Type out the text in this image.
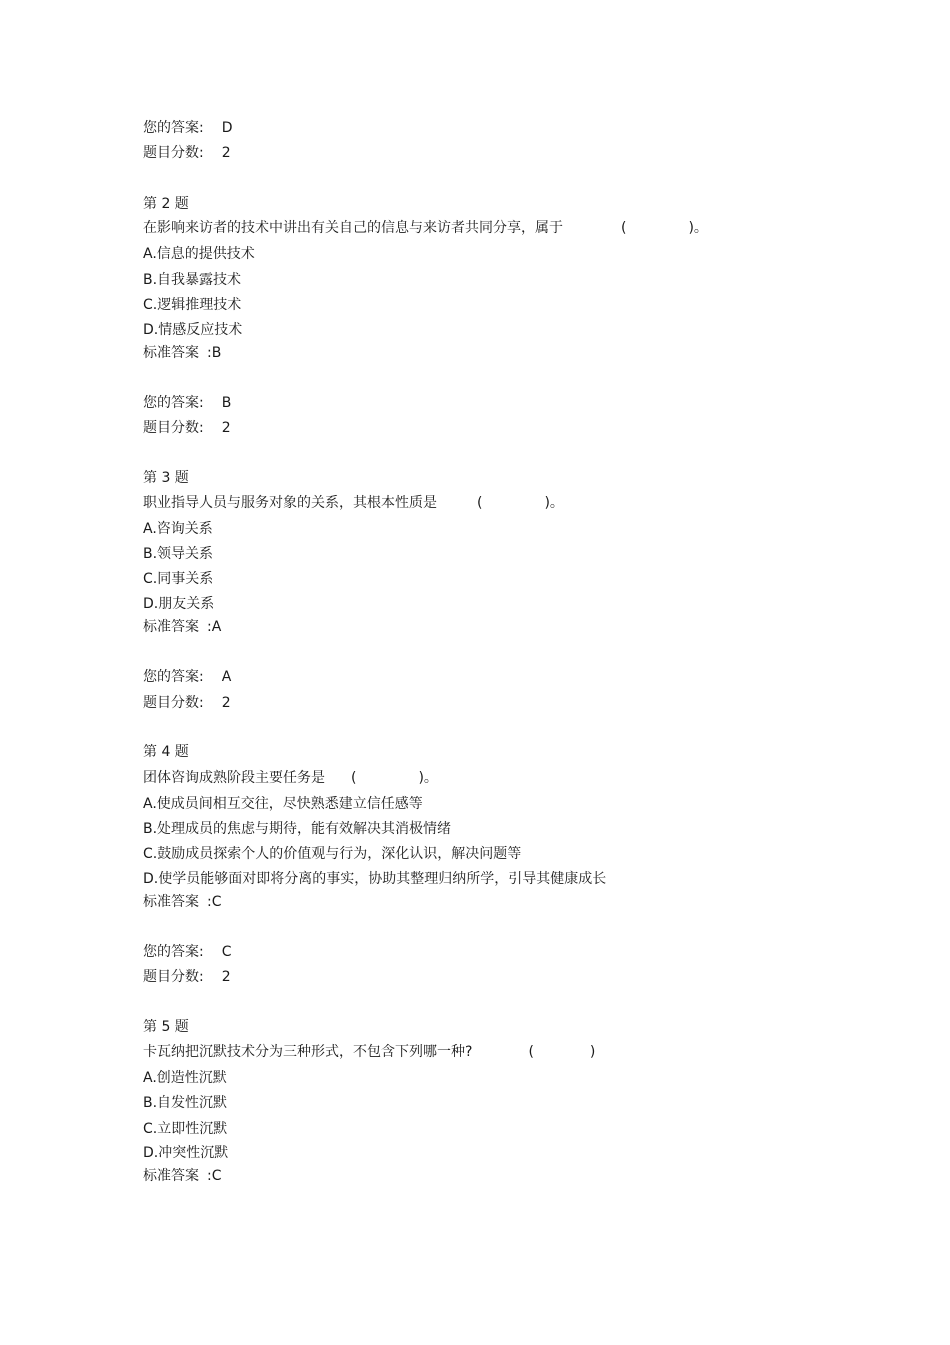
您的答案: D
题目分数: 2
第 2 题
在影响来访者的技术中讲出有关自己的信息与来访者共同分享，属于	(	)。
A.信息的提供技术
B.自我暴露技术
C.逻辑推理技术
D.情感反应技术
标准答案 :B
您的答案: B
题目分数: 2
第 3 题
职业指导人员与服务对象的关系，其根本性质是	(	)。
A.咨询关系
B.领导关系
C.同事关系
D.朋友关系
标准答案 :A
您的答案: A
题目分数: 2
第 4 题
团体咨询成熟阶段主要任务是 (	)。
A.使成员间相互交往，尽快熟悉建立信任感等
B.处理成员的焦虑与期待，能有效解决其消极情绪
C.鼓励成员探索个人的价值观与行为，深化认识，解决问题等
D.使学员能够面对即将分离的事实，协助其整理归纳所学，引导其健康成长
标准答案 :C
您的答案: C
题目分数: 2
第 5 题
卡瓦纳把沉默技术分为三种形式，不包含下列哪一种?	(	)
A.创造性沉默
B.自发性沉默
C.立即性沉默
D.冲突性沉默
标准答案 :C
